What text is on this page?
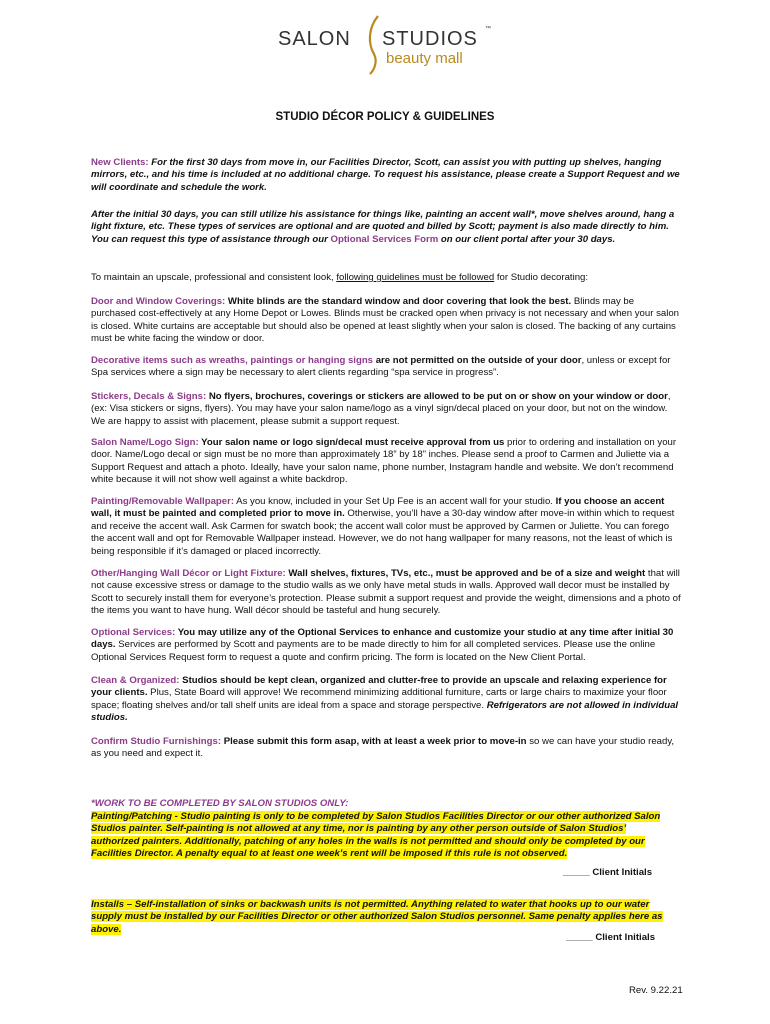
SALON STUDIOS ™
beauty mall
STUDIO DÉCOR POLICY & GUIDELINES

New Clients: For the first 30 days from move in, our Facilities Director, Scott, can assist you with putting up shelves, hanging mirrors, etc., and his time is included at no additional charge. To request his assistance, please create a Support Request and we will coordinate and schedule the work.

After the initial 30 days, you can still utilize his assistance for things like, painting an accent wall*, move shelves around, hang a light fixture, etc. These types of services are optional and are quoted and billed by Scott; payment is also made directly to him. You can request this type of assistance through our Optional Services Form on our client portal after your 30 days.

To maintain an upscale, professional and consistent look, following guidelines must be followed for Studio decorating:

Door and Window Coverings: White blinds are the standard window and door covering that look the best. Blinds may be purchased cost-effectively at any Home Depot or Lowes. Blinds must be cracked open when privacy is not necessary and when your salon is closed. White curtains are acceptable but should also be opened at least slightly when your salon is closed. The backing of any curtains must be white facing the window or door.

Decorative items such as wreaths, paintings or hanging signs are not permitted on the outside of your door, unless or except for Spa services where a sign may be necessary to alert clients regarding “spa service in progress”.

Stickers, Decals & Signs: No flyers, brochures, coverings or stickers are allowed to be put on or show on your window or door, (ex: Visa stickers or signs, flyers). You may have your salon name/logo as a vinyl sign/decal placed on your door, but not on the window. We are happy to assist with placement, please submit a support request.

Salon Name/Logo Sign: Your salon name or logo sign/decal must receive approval from us prior to ordering and installation on your door. Name/Logo decal or sign must be no more than approximately 18” by 18” inches. Please send a proof to Carmen and Juliette via a Support Request and attach a photo. Ideally, have your salon name, phone number, Instagram handle and website. We don’t recommend white because it will not show well against a white backdrop.

Painting/Removable Wallpaper: As you know, included in your Set Up Fee is an accent wall for your studio. If you choose an accent wall, it must be painted and completed prior to move in. Otherwise, you’ll have a 30-day window after move-in within which to request and receive the accent wall. Ask Carmen for swatch book; the accent wall color must be approved by Carmen or Juliette. You can forego the accent wall and opt for Removable Wallpaper instead. However, we do not hang wallpaper for many reasons, not the least of which is being responsible if it’s damaged or placed incorrectly.

Other/Hanging Wall Décor or Light Fixture: Wall shelves, fixtures, TVs, etc., must be approved and be of a size and weight that will not cause excessive stress or damage to the studio walls as we only have metal studs in walls. Approved wall decor must be installed by Scott to securely install them for everyone’s protection. Please submit a support request and provide the weight, dimensions and a photo of the items you want to have hung. Wall décor should be tasteful and hung securely.

Optional Services: You may utilize any of the Optional Services to enhance and customize your studio at any time after initial 30 days. Services are performed by Scott and payments are to be made directly to him for all completed services. Please use the online Optional Services Request form to request a quote and confirm pricing. The form is located on the New Client Portal.

Clean & Organized: Studios should be kept clean, organized and clutter-free to provide an upscale and relaxing experience for your clients. Plus, State Board will approve! We recommend minimizing additional furniture, carts or large chairs to maximize your floor space; floating shelves and/or tall shelf units are ideal from a space and storage perspective. Refrigerators are not allowed in individual studios.

Confirm Studio Furnishings: Please submit this form asap, with at least a week prior to move-in so we can have your studio ready, as you need and expect it.

*WORK TO BE COMPLETED BY SALON STUDIOS ONLY:

Painting/Patching - Studio painting is only to be completed by Salon Studios Facilities Director or our other authorized Salon Studios painter. Self-painting is not allowed at any time, nor is painting by any other person outside of Salon Studios’ authorized painters. Additionally, patching of any holes in the walls is not permitted and should only be completed by our Facilities Director. A penalty equal to at least one week’s rent will be imposed if this rule is not observed.

_____ Client Initials

Installs – Self-installation of sinks or backwash units is not permitted. Anything related to water that hooks up to our water supply must be installed by our Facilities Director or other authorized Salon Studios personnel. Same penalty applies here as above.

_____ Client Initials
Rev. 9.22.21
